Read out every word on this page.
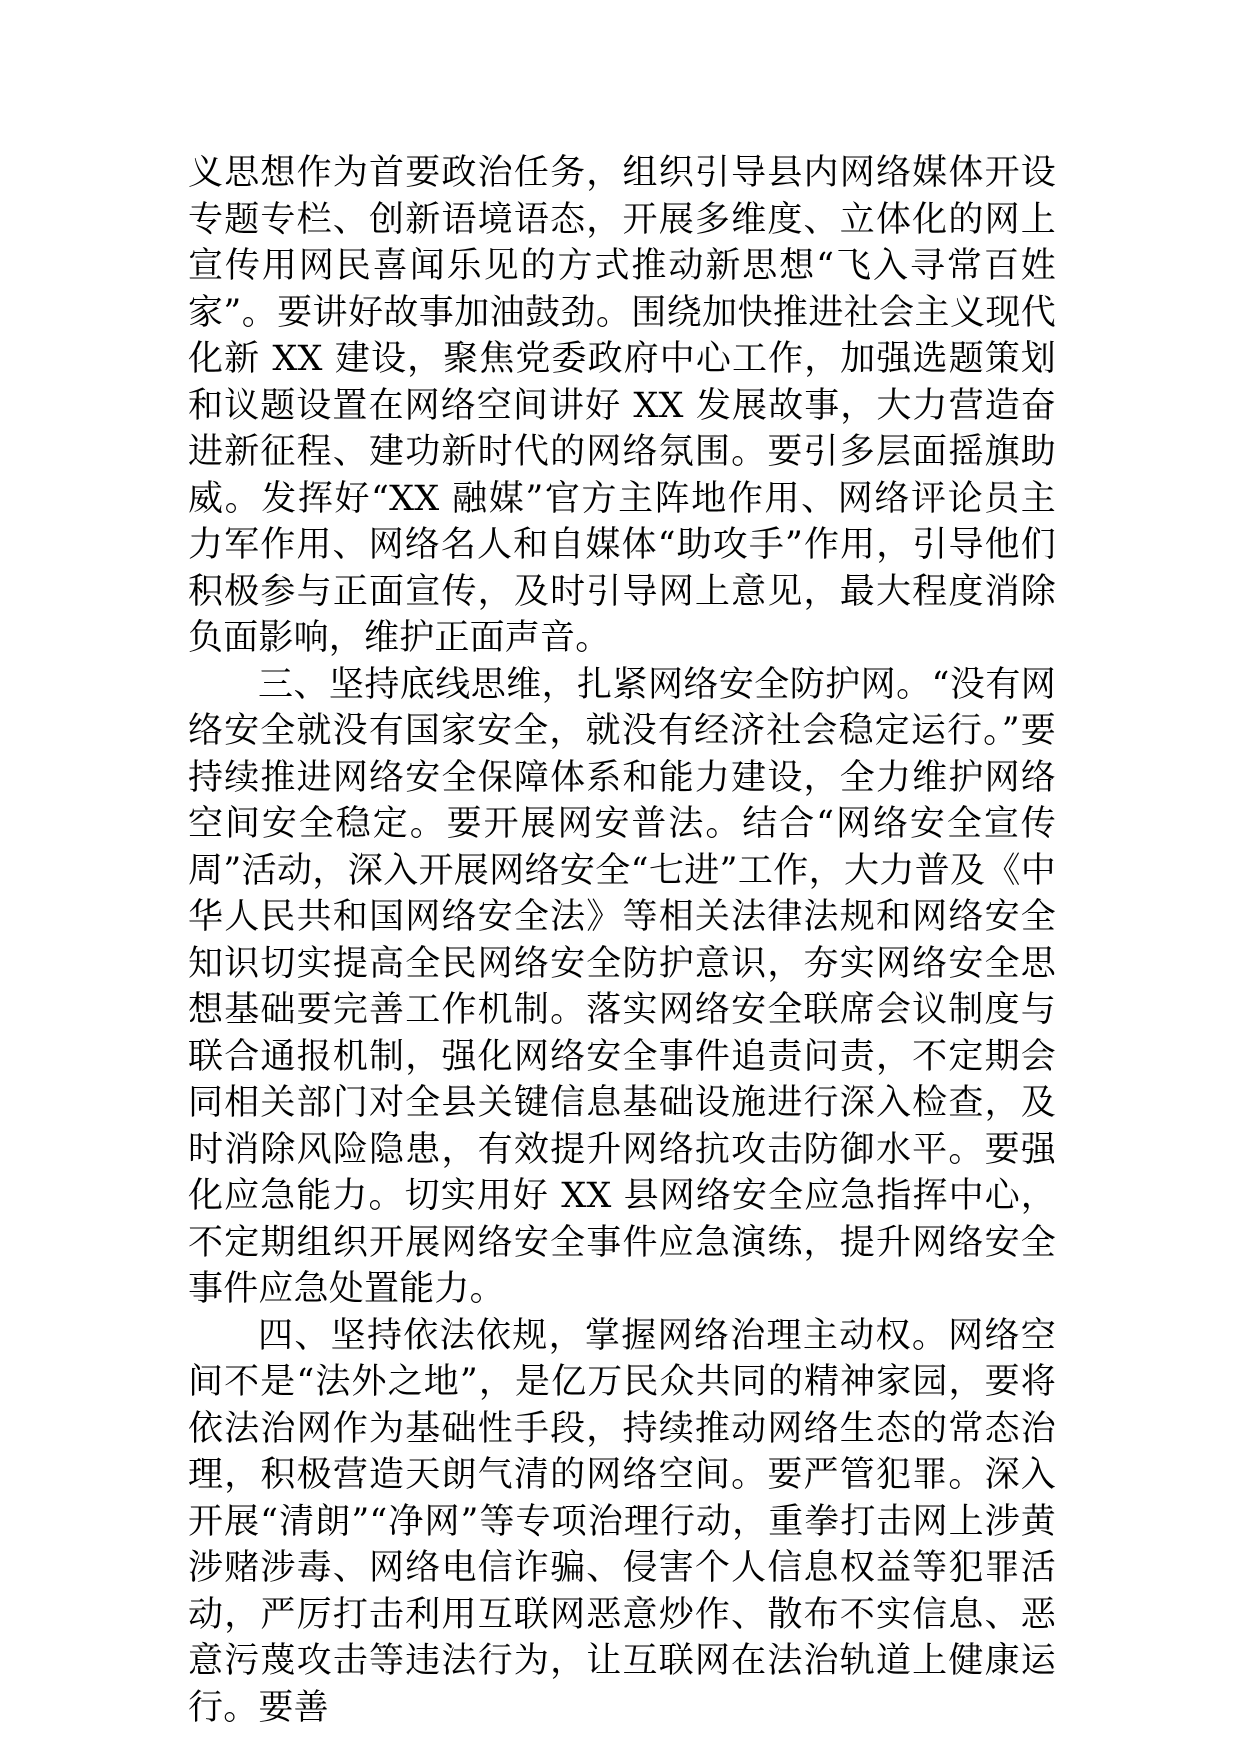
义思想作为首要政治任务，组织引导县内网络媒体开设专题专栏、创新语境语态，开展多维度、立体化的网上宣传用网民喜闻乐见的方式推动新思想“飞入寻常百姓家”。要讲好故事加油鼓劲。围绕加快推进社会主义现代化新 XX 建设，聚焦党委政府中心工作，加强选题策划和议题设置在网络空间讲好 XX 发展故事，大力营造奋进新征程、建功新时代的网络氛围。要引多层面摇旗助威。发挥好“XX 融媒”官方主阵地作用、网络评论员主力军作用、网络名人和自媒体“助攻手”作用，引导他们积极参与正面宣传，及时引导网上意见，最大程度消除负面影响，维护正面声音。

三、坚持底线思维，扎紧网络安全防护网。“没有网络安全就没有国家安全，就没有经济社会稳定运行。”要持续推进网络安全保障体系和能力建设，全力维护网络空间安全稳定。要开展网安普法。结合“网络安全宣传周”活动，深入开展网络安全“七进”工作，大力普及《中华人民共和国网络安全法》等相关法律法规和网络安全知识切实提高全民网络安全防护意识，夯实网络安全思想基础要完善工作机制。落实网络安全联席会议制度与联合通报机制，强化网络安全事件追责问责，不定期会同相关部门对全县关键信息基础设施进行深入检查，及时消除风险隐患，有效提升网络抗攻击防御水平。要强化应急能力。切实用好 XX 县网络安全应急指挥中心，不定期组织开展网络安全事件应急演练，提升网络安全事件应急处置能力。

四、坚持依法依规，掌握网络治理主动权。网络空间不是“法外之地”，是亿万民众共同的精神家园，要将依法治网作为基础性手段，持续推动网络生态的常态治理，积极营造天朗气清的网络空间。要严管犯罪。深入开展“清朗”“净网”等专项治理行动，重拳打击网上涉黄涉赌涉毒、网络电信诈骗、侵害个人信息权益等犯罪活动，严厉打击利用互联网恶意炒作、散布不实信息、恶意污蔑攻击等违法行为，让互联网在法治轨道上健康运行。要善
